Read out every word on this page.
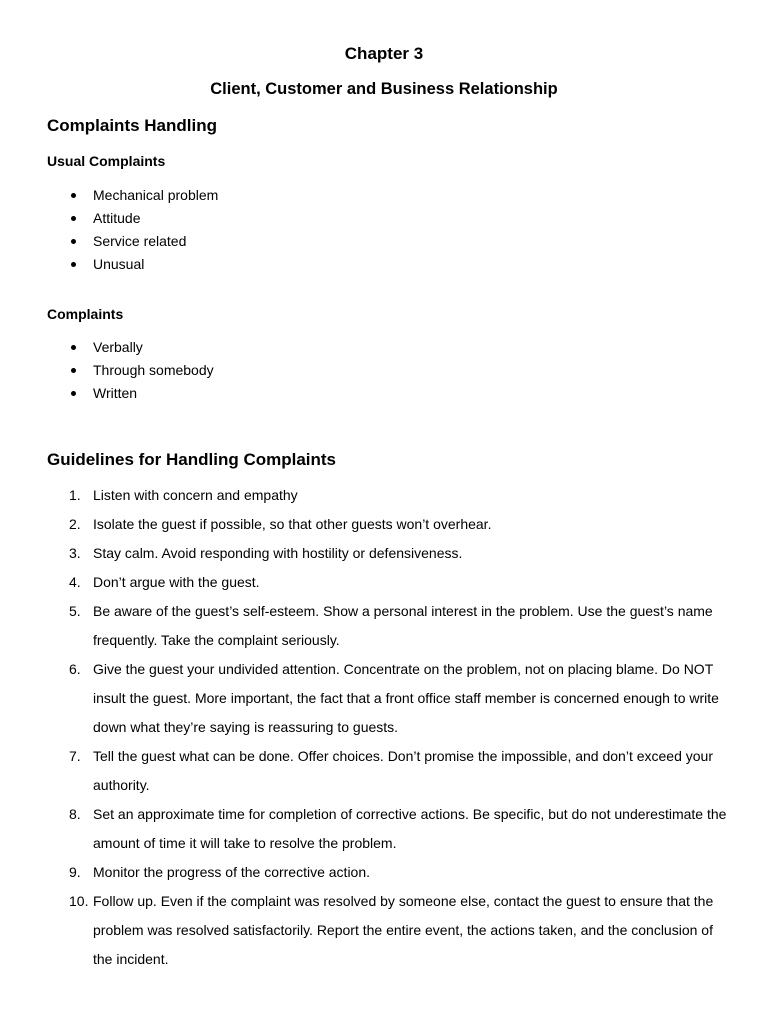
Chapter 3
Client, Customer and Business Relationship
Complaints Handling
Usual Complaints
Mechanical problem
Attitude
Service related
Unusual
Complaints
Verbally
Through somebody
Written
Guidelines for Handling Complaints
1. Listen with concern and empathy
2. Isolate the guest if possible, so that other guests won’t overhear.
3. Stay calm. Avoid responding with hostility or defensiveness.
4. Don’t argue with the guest.
5. Be aware of the guest’s self-esteem. Show a personal interest in the problem. Use the guest’s name frequently. Take the complaint seriously.
6. Give the guest your undivided attention. Concentrate on the problem, not on placing blame. Do NOT insult the guest. More important, the fact that a front office staff member is concerned enough to write down what they’re saying is reassuring to guests.
7. Tell the guest what can be done. Offer choices. Don’t promise the impossible, and don’t exceed your authority.
8. Set an approximate time for completion of corrective actions. Be specific, but do not underestimate the amount of time it will take to resolve the problem.
9. Monitor the progress of the corrective action.
10. Follow up. Even if the complaint was resolved by someone else, contact the guest to ensure that the problem was resolved satisfactorily. Report the entire event, the actions taken, and the conclusion of the incident.
